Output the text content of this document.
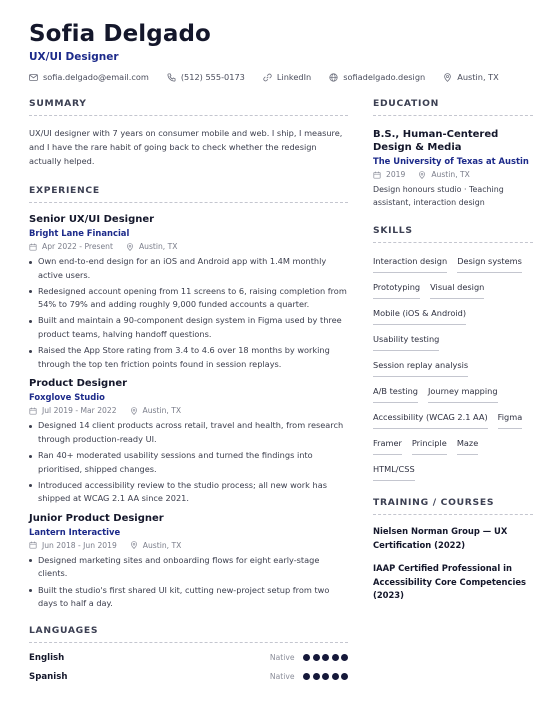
Sofia Delgado
UX/UI Designer
sofia.delgado@email.com	(512) 555-0173	LinkedIn	sofiadelgado.design	Austin, TX
SUMMARY
UX/UI designer with 7 years on consumer mobile and web. I ship, I measure, and I have the rare habit of going back to check whether the redesign actually helped.
EXPERIENCE
Senior UX/UI Designer
Bright Lane Financial
Apr 2022 - Present	Austin, TX
Own end-to-end design for an iOS and Android app with 1.4M monthly active users.
Redesigned account opening from 11 screens to 6, raising completion from 54% to 79% and adding roughly 9,000 funded accounts a quarter.
Built and maintain a 90-component design system in Figma used by three product teams, halving handoff questions.
Raised the App Store rating from 3.4 to 4.6 over 18 months by working through the top ten friction points found in session replays.
Product Designer
Foxglove Studio
Jul 2019 - Mar 2022	Austin, TX
Designed 14 client products across retail, travel and health, from research through production-ready UI.
Ran 40+ moderated usability sessions and turned the findings into prioritised, shipped changes.
Introduced accessibility review to the studio process; all new work has shipped at WCAG 2.1 AA since 2021.
Junior Product Designer
Lantern Interactive
Jun 2018 - Jun 2019	Austin, TX
Designed marketing sites and onboarding flows for eight early-stage clients.
Built the studio's first shared UI kit, cutting new-project setup from two days to half a day.
LANGUAGES
English	Native
Spanish	Native
EDUCATION
B.S., Human-Centered Design & Media
The University of Texas at Austin
2019	Austin, TX
Design honours studio · Teaching assistant, interaction design
SKILLS
Interaction design Design systems
Prototyping Visual design
Mobile (iOS & Android)
Usability testing
Session replay analysis
A/B testing Journey mapping
Accessibility (WCAG 2.1 AA) Figma
Framer Principle Maze
HTML/CSS
TRAINING / COURSES
Nielsen Norman Group — UX Certification (2022)
IAAP Certified Professional in Accessibility Core Competencies (2023)
